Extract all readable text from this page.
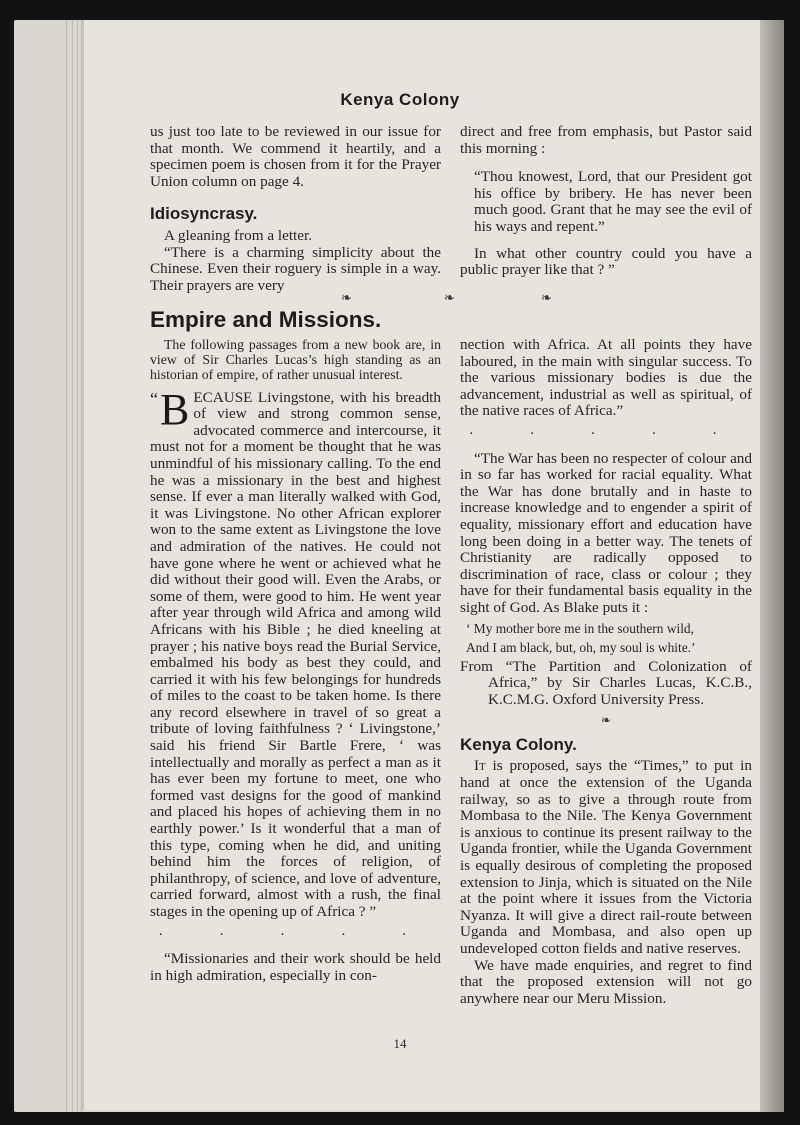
Kenya Colony

us just too late to be reviewed in our issue for that month. We commend it heartily, and a specimen poem is chosen from it for the Prayer Union column on page 4.

Idiosyncrasy.

A gleaning from a letter.

“There is a charming simplicity about the Chinese. Even their roguery is simple in a way. Their prayers are very

direct and free from emphasis, but Pastor said this morning :

“Thou knowest, Lord, that our President got his office by bribery. He has never been much good. Grant that he may see the evil of his ways and repent.”

In what other country could you have a public prayer like that ? ”

❧	❧	❧
Empire and Missions.

The following passages from a new book are, in view of Sir Charles Lucas’s high standing as an historian of empire, of rather unusual interest.

“ B ECAUSE Livingstone, with his breadth of view and strong common sense, advocated commerce and intercourse, it must not for a moment be thought that he was unmindful of his missionary calling. To the end he was a missionary in the best and highest sense. If ever a man literally walked with God, it was Livingstone. No other African explorer won to the same extent as Livingstone the love and admiration of the natives. He could not have gone where he went or achieved what he did without their good will. Even the Arabs, or some of them, were good to him. He went year after year through wild Africa and among wild Africans with his Bible ; he died kneeling at prayer ; his native boys read the Burial Service, embalmed his body as best they could, and carried it with his few belongings for hundreds of miles to the coast to be taken home. Is there any record elsewhere in travel of so great a tribute of loving faithfulness ? ‘ Livingstone,’ said his friend Sir Bartle Frere, ‘ was intellectually and morally as perfect a man as it has ever been my fortune to meet, one who formed vast designs for the good of mankind and placed his hopes of achieving them in no earthly power.’ Is it wonderful that a man of this type, coming when he did, and uniting behind him the forces of religion, of philanthropy, of science, and love of adventure, carried forward, almost with a rush, the final stages in the opening up of Africa ? ”

· · · · ·

“Missionaries and their work should be held in high admiration, especially in con-

nection with Africa. At all points they have laboured, in the main with singular success. To the various missionary bodies is due the advancement, industrial as well as spiritual, of the native races of Africa.”

· · · · ·

“The War has been no respecter of colour and in so far has worked for racial equality. What the War has done brutally and in haste to increase knowledge and to engender a spirit of equality, missionary effort and education have long been doing in a better way. The tenets of Christianity are radically opposed to discrimination of race, class or colour ; they have for their fundamental basis equality in the sight of God. As Blake puts it :

‘ My mother bore me in the southern wild,

And I am black, but, oh, my soul is white.’

From “The Partition and Colonization of Africa,” by Sir Charles Lucas, K.C.B., K.C.M.G. Oxford University Press.

❧
Kenya Colony.

It is proposed, says the “Times,” to put in hand at once the extension of the Uganda railway, so as to give a through route from Mombasa to the Nile. The Kenya Government is anxious to continue its present railway to the Uganda frontier, while the Uganda Government is equally desirous of completing the proposed extension to Jinja, which is situated on the Nile at the point where it issues from the Victoria Nyanza. It will give a direct rail-route between Uganda and Mombasa, and also open up undeveloped cotton fields and native reserves.

We have made enquiries, and regret to find that the proposed extension will not go anywhere near our Meru Mission.

14
